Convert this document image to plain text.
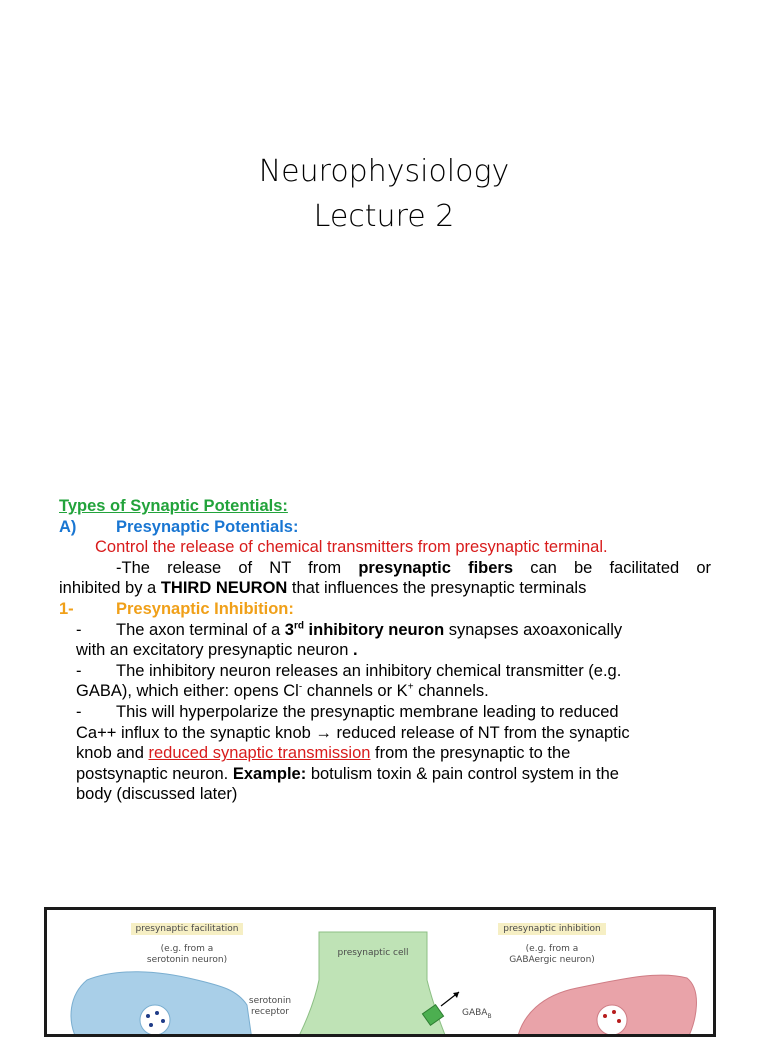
Neurophysiology
Lecture 2
Types of Synaptic Potentials:
A) Presynaptic Potentials:
Control the release of chemical transmitters from presynaptic terminal.
-The release of NT from presynaptic fibers can be facilitated or
inhibited by a THIRD NEURON that influences the presynaptic terminals
1-	Presynaptic Inhibition:
- The axon terminal of a 3rd inhibitory neuron synapses axoaxonically
with an excitatory presynaptic neuron .
- The inhibitory neuron releases an inhibitory chemical transmitter (e.g.
GABA), which either: opens Cl- channels or K+ channels.
- This will hyperpolarize the presynaptic membrane leading to reduced
Ca++ influx to the synaptic knob → reduced release of NT from the synaptic
knob and reduced synaptic transmission from the presynaptic to the
postsynaptic neuron. Example: botulism toxin & pain control system in the
body (discussed later)
presynaptic facilitation
(e.g. from a
serotonin neuron)
presynaptic cell
serotonin
receptor	$GABA_B$
presynaptic inhibition
(e.g. from a
GABAergic neuron)
